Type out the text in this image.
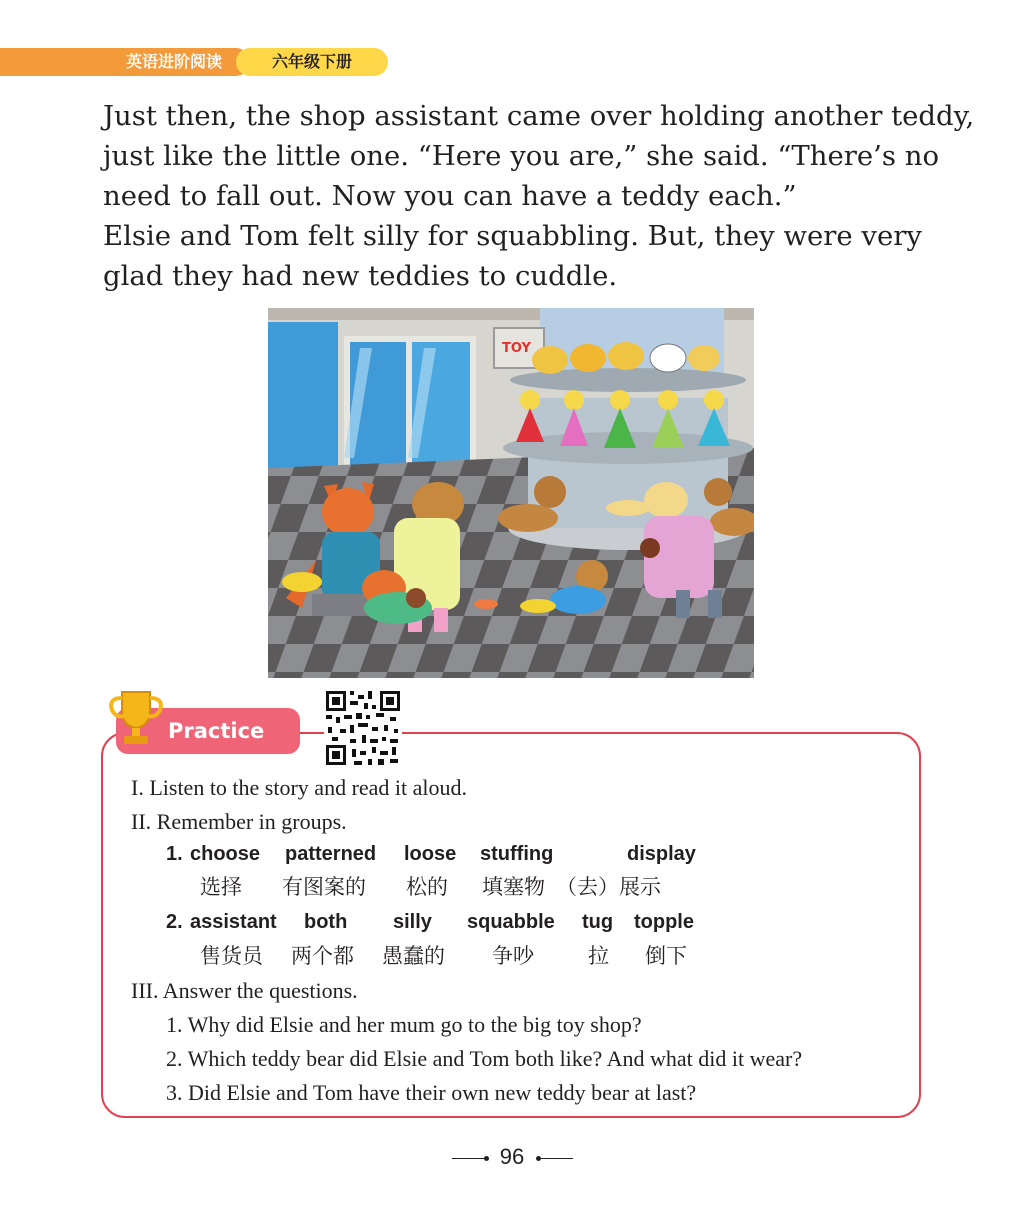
英语进阶阅读	六年级下册

Just then, the shop assistant came over holding another teddy,

just like the little one. “Here you are,” she said. “There’s no

need to fall out. Now you can have a teddy each.”

Elsie and Tom felt silly for squabbling. But, they were very

glad they had new teddies to cuddle.

TOY
Practice
I. Listen to the story and read it aloud.
II. Remember in groups.
1. choose patterned loose stuffing	display
选择 有图案的 松的 填塞物 （去）展示
2. assistant both silly squabble tug topple
售货员 两个都 愚蠢的 争吵	拉 倒下
III. Answer the questions.
1. Why did Elsie and her mum go to the big toy shop?
2. Which teddy bear did Elsie and Tom both like? And what did it wear?
3. Did Elsie and Tom have their own new teddy bear at last?
96
